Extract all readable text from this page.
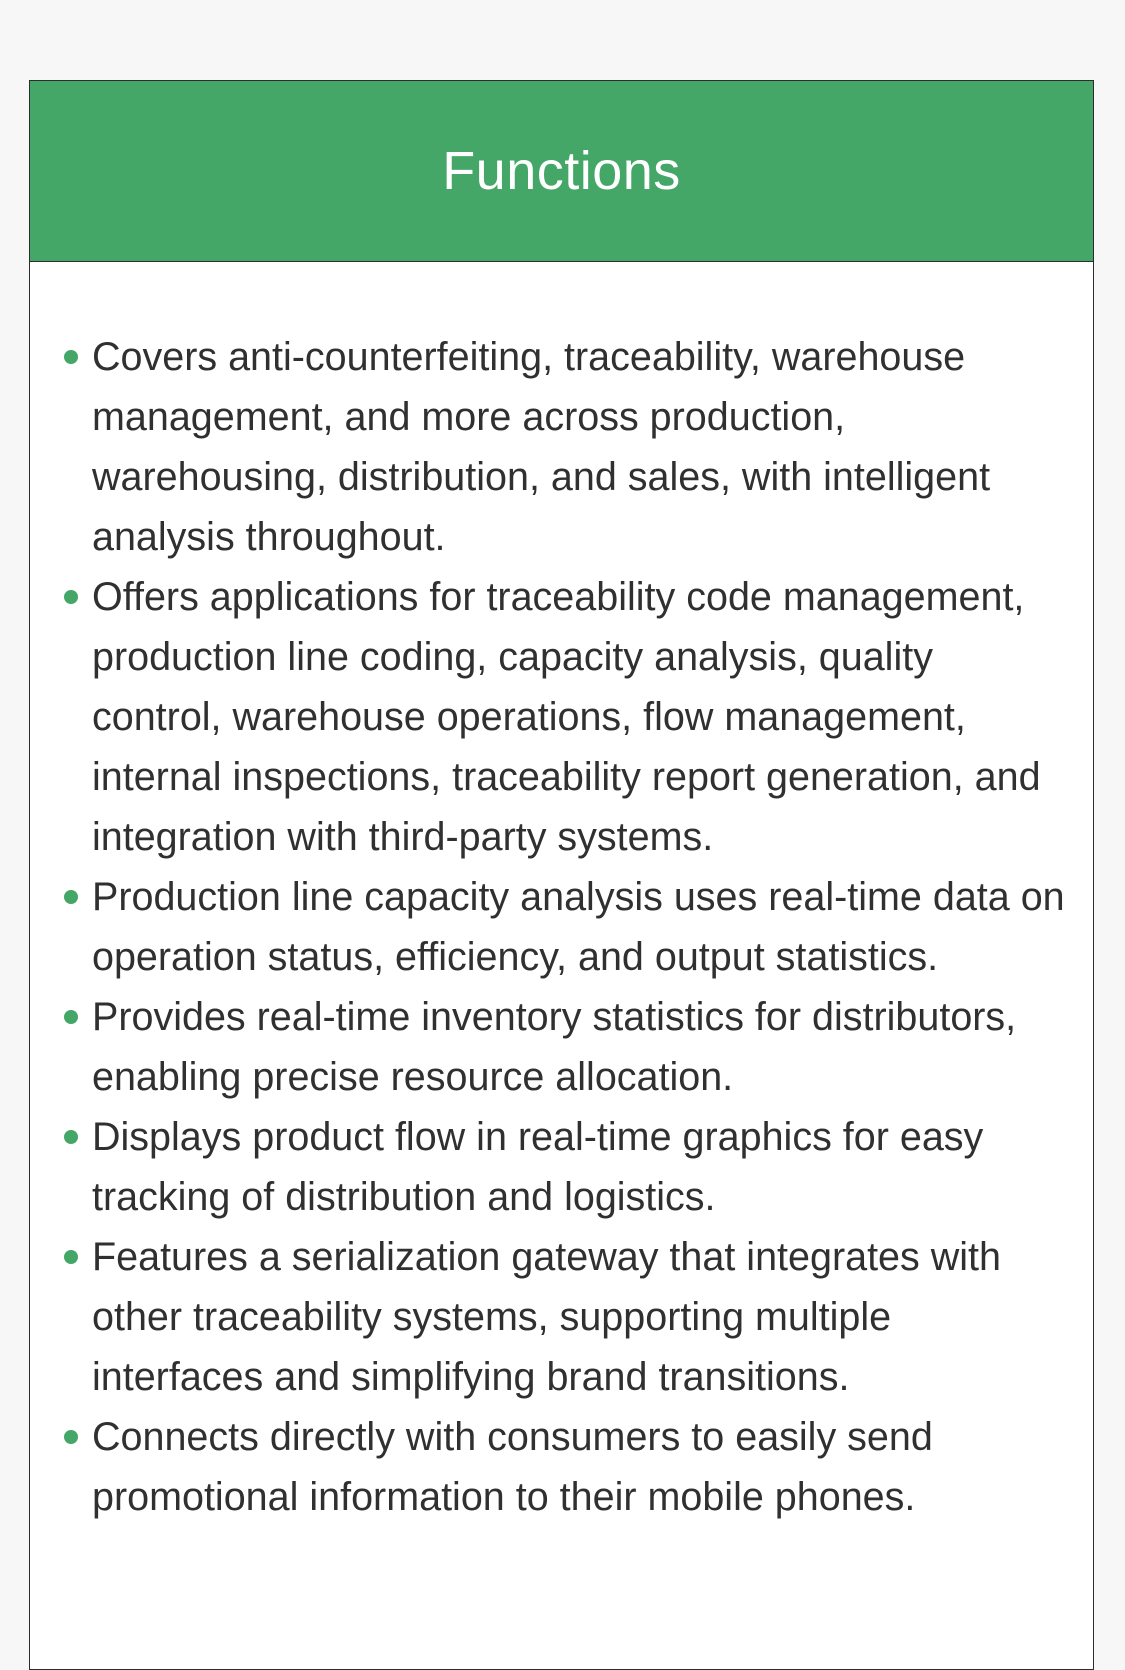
Functions
Covers anti-counterfeiting, traceability, warehouse management, and more across production, warehousing, distribution, and sales, with intelligent analysis throughout.
Offers applications for traceability code management, production line coding, capacity analysis, quality control, warehouse operations, flow management, internal inspections, traceability report generation, and integration with third-party systems.
Production line capacity analysis uses real-time data on operation status, efficiency, and output statistics.
Provides real-time inventory statistics for distributors, enabling precise resource allocation.
Displays product flow in real-time graphics for easy tracking of distribution and logistics.
Features a serialization gateway that integrates with other traceability systems, supporting multiple interfaces and simplifying brand transitions.
Connects directly with consumers to easily send promotional information to their mobile phones.
